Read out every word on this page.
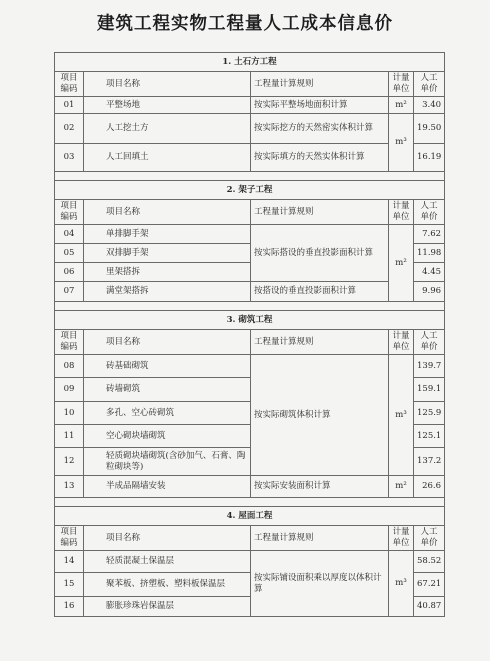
建筑工程实物工程量人工成本信息价
1. 土石方工程				
项目编码	项目名称	工程量计算规则	计量单位	人工单价
01	平整场地	按实际平整场地面积计算	m²	3.40
02	人工挖土方	按实际挖方的天然密实体积计算	m³	19.50
03	人工回填土	按实际填方的天然实体积计算		16.19

2. 架子工程				
项目编码	项目名称	工程量计算规则	计量单位	人工单价
04	单排脚手架	按实际搭设的垂直投影面积计算	m²	7.62
05	双排脚手架			11.98
06	里架搭拆			4.45
07	满堂架搭拆	按搭设的垂直投影面积计算		9.96

3. 砌筑工程				
项目编码	项目名称	工程量计算规则	计量单位	人工单价
08	砖基础砌筑	按实际砌筑体积计算	m³	139.7
09	砖墙砌筑			159.1
10	多孔、空心砖砌筑			125.9
11	空心砌块墙砌筑			125.1
12	轻质砌块墙砌筑(含砂加气、石膏、陶粒砌块等)			137.2
13	半成品隔墙安装	按实际安装面积计算	m²	26.6

4. 屋面工程				
项目编码	项目名称	工程量计算规则	计量单位	人工单价
14	轻质混凝土保温层	按实际铺设面积乘以厚度以体积计算	m³	58.52
15	聚苯板、挤塑板、塑料板保温层			67.21
16	膨胀珍珠岩保温层			40.87
